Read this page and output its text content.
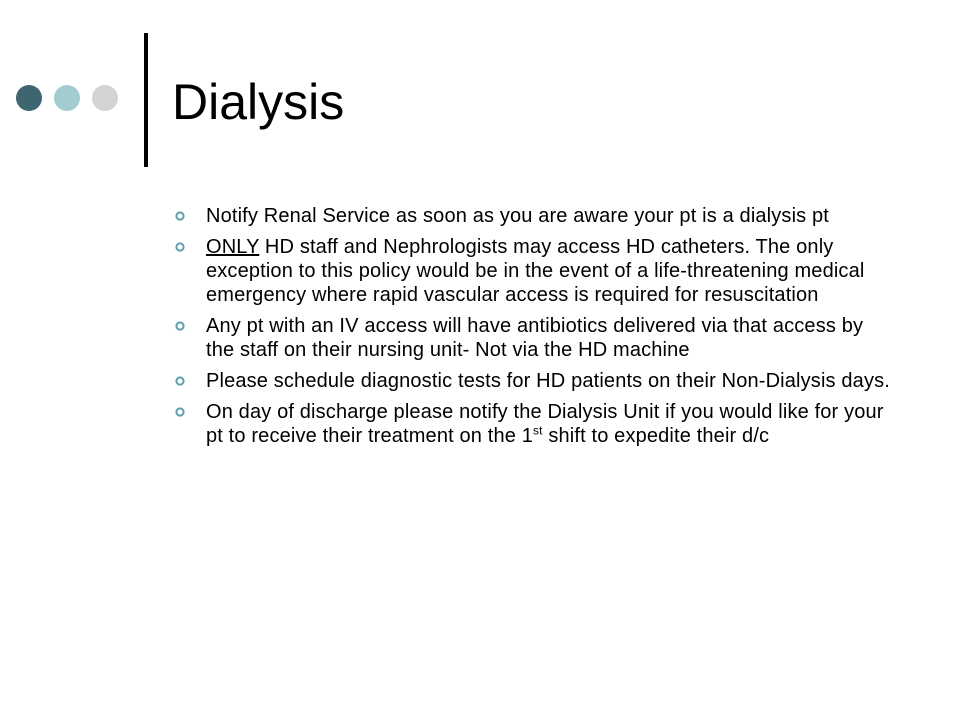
Dialysis
Notify Renal Service as soon as you are aware your pt is a dialysis pt
ONLY HD staff and Nephrologists may access HD catheters. The only exception to this policy would be in the event of a life-threatening medical emergency where rapid vascular access is required for resuscitation
Any pt with an IV access will have antibiotics delivered via that access by the staff on their nursing unit- Not via the HD machine
Please schedule diagnostic tests for HD patients on their Non-Dialysis days.
On day of discharge please notify the Dialysis Unit if you would like for your pt to receive their treatment on the 1st shift to expedite their d/c
